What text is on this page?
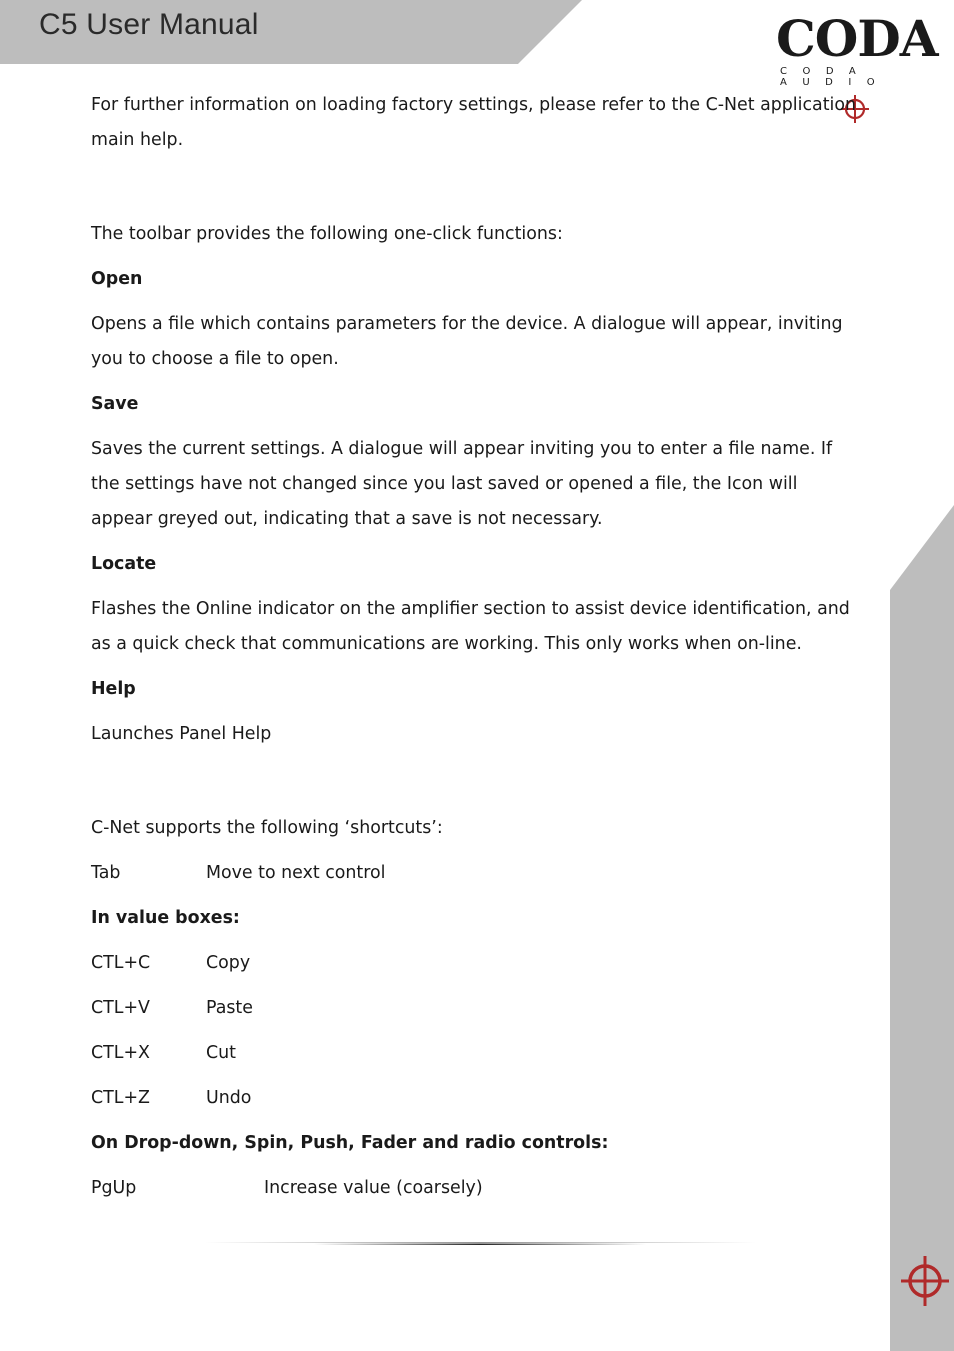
C5 User Manual	CODA
CODA AUDIO

For further information on loading factory settings, please refer to the C-Net application main help.

The toolbar provides the following one-click functions:

Open

Opens a file which contains parameters for the device. A dialogue will appear, inviting you to choose a file to open.

Save

Saves the current settings. A dialogue will appear inviting you to enter a file name. If the settings have not changed since you last saved or opened a file, the Icon will appear greyed out, indicating that a save is not necessary.

Locate

Flashes the Online indicator on the amplifier section to assist device identification, and as a quick check that communications are working. This only works when on-line.

Help

Launches Panel Help

C-Net supports the following ‘shortcuts’:

Tab	Move to next control

In value boxes:

CTL+C	Copy

CTL+V	Paste

CTL+X	Cut

CTL+Z	Undo

On Drop-down, Spin, Push, Fader and radio controls:

PgUp	Increase value (coarsely)
